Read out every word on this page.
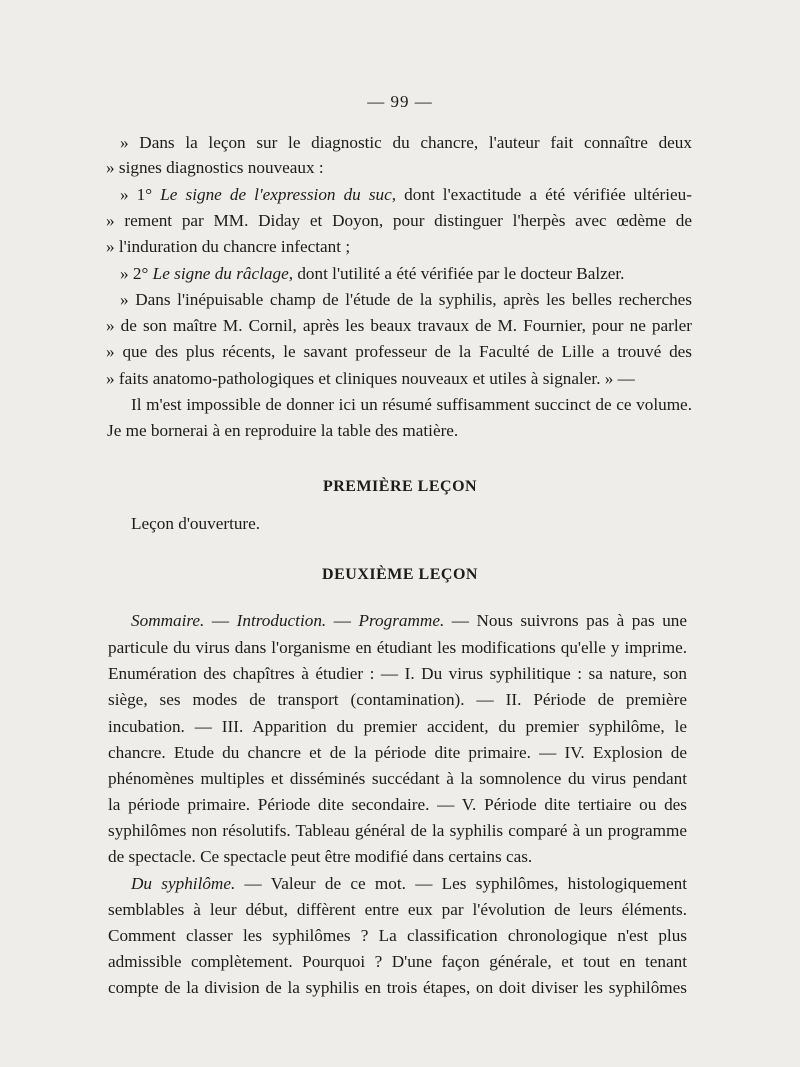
— 99 —
» Dans la leçon sur le diagnostic du chancre, l'auteur fait connaître deux
» signes diagnostics nouveaux :
» 1° Le signe de l'expression du suc, dont l'exactitude a été vérifiée ultérieu-
» rement par MM. Diday et Doyon, pour distinguer l'herpès avec œdème de
» l'induration du chancre infectant ;
» 2° Le signe du râclage, dont l'utilité a été vérifiée par le docteur Balzer.
» Dans l'inépuisable champ de l'étude de la syphilis, après les belles recherches
» de son maître M. Cornil, après les beaux travaux de M. Fournier, pour ne parler
» que des plus récents, le savant professeur de la Faculté de Lille a trouvé des
» faits anatomo-pathologiques et cliniques nouveaux et utiles à signaler. » —
Il m'est impossible de donner ici un résumé suffisamment succinct de ce volume.
Je me bornerai à en reproduire la table des matière.
PREMIÈRE LEÇON
Leçon d'ouverture.
DEUXIÈME LEÇON
Sommaire. — Introduction. — Programme. — Nous suivrons pas à pas une
particule du virus dans l'organisme en étudiant les modifications qu'elle y imprime.
Enumération des chapîtres à étudier : — I. Du virus syphilitique : sa nature, son
siège, ses modes de transport (contamination). — II. Période de première
incubation. — III. Apparition du premier accident, du premier syphilôme, le
chancre. Etude du chancre et de la période dite primaire. — IV. Explosion de
phénomènes multiples et disséminés succédant à la somnolence du virus pendant
la période primaire. Période dite secondaire. — V. Période dite tertiaire ou des
syphilômes non résolutifs. Tableau général de la syphilis comparé à un programme
de spectacle. Ce spectacle peut être modifié dans certains cas.
Du syphilôme. — Valeur de ce mot. — Les syphilômes, histologiquement
semblables à leur début, diffèrent entre eux par l'évolution de leurs éléments.
Comment classer les syphilômes ? La classification chronologique n'est plus
admissible complètement. Pourquoi ? D'une façon générale, et tout en tenant
compte de la division de la syphilis en trois étapes, on doit diviser les syphilômes
